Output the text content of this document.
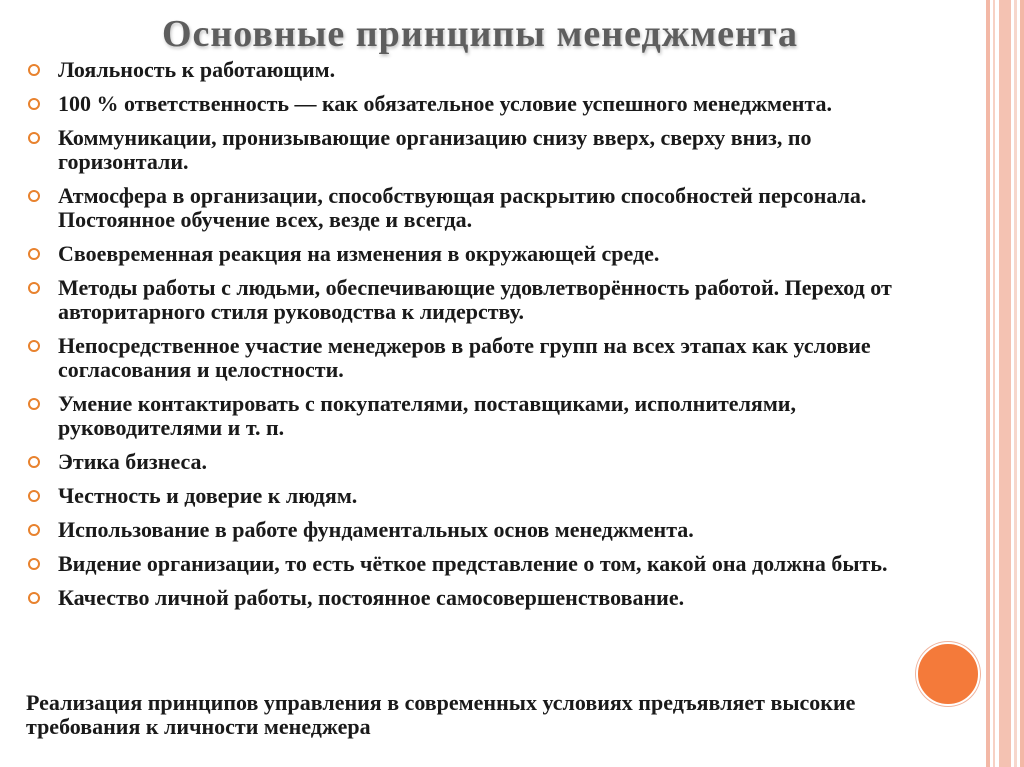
Основные принципы менеджмента
Лояльность к работающим.
100 % ответственность — как обязательное условие успешного менеджмента.
Коммуникации, пронизывающие организацию снизу вверх, сверху вниз, по горизонтали.
Атмосфера в организации, способствующая раскрытию способностей персонала. Постоянное обучение всех, везде и всегда.
Своевременная реакция на изменения в окружающей среде.
Методы работы с людьми, обеспечивающие удовлетворённость работой. Переход от авторитарного стиля руководства к лидерству.
Непосредственное участие менеджеров в работе групп на всех этапах как условие согласования и целостности.
Умение контактировать с покупателями, поставщиками, исполнителями, руководителями и т. п.
Этика бизнеса.
Честность и доверие к людям.
Использование в работе фундаментальных основ менеджмента.
Видение организации, то есть чёткое представление о том, какой она должна быть.
Качество личной работы, постоянное самосовершенствование.
Реализация принципов управления в современных условиях предъявляет высокие требования к личности менеджера
